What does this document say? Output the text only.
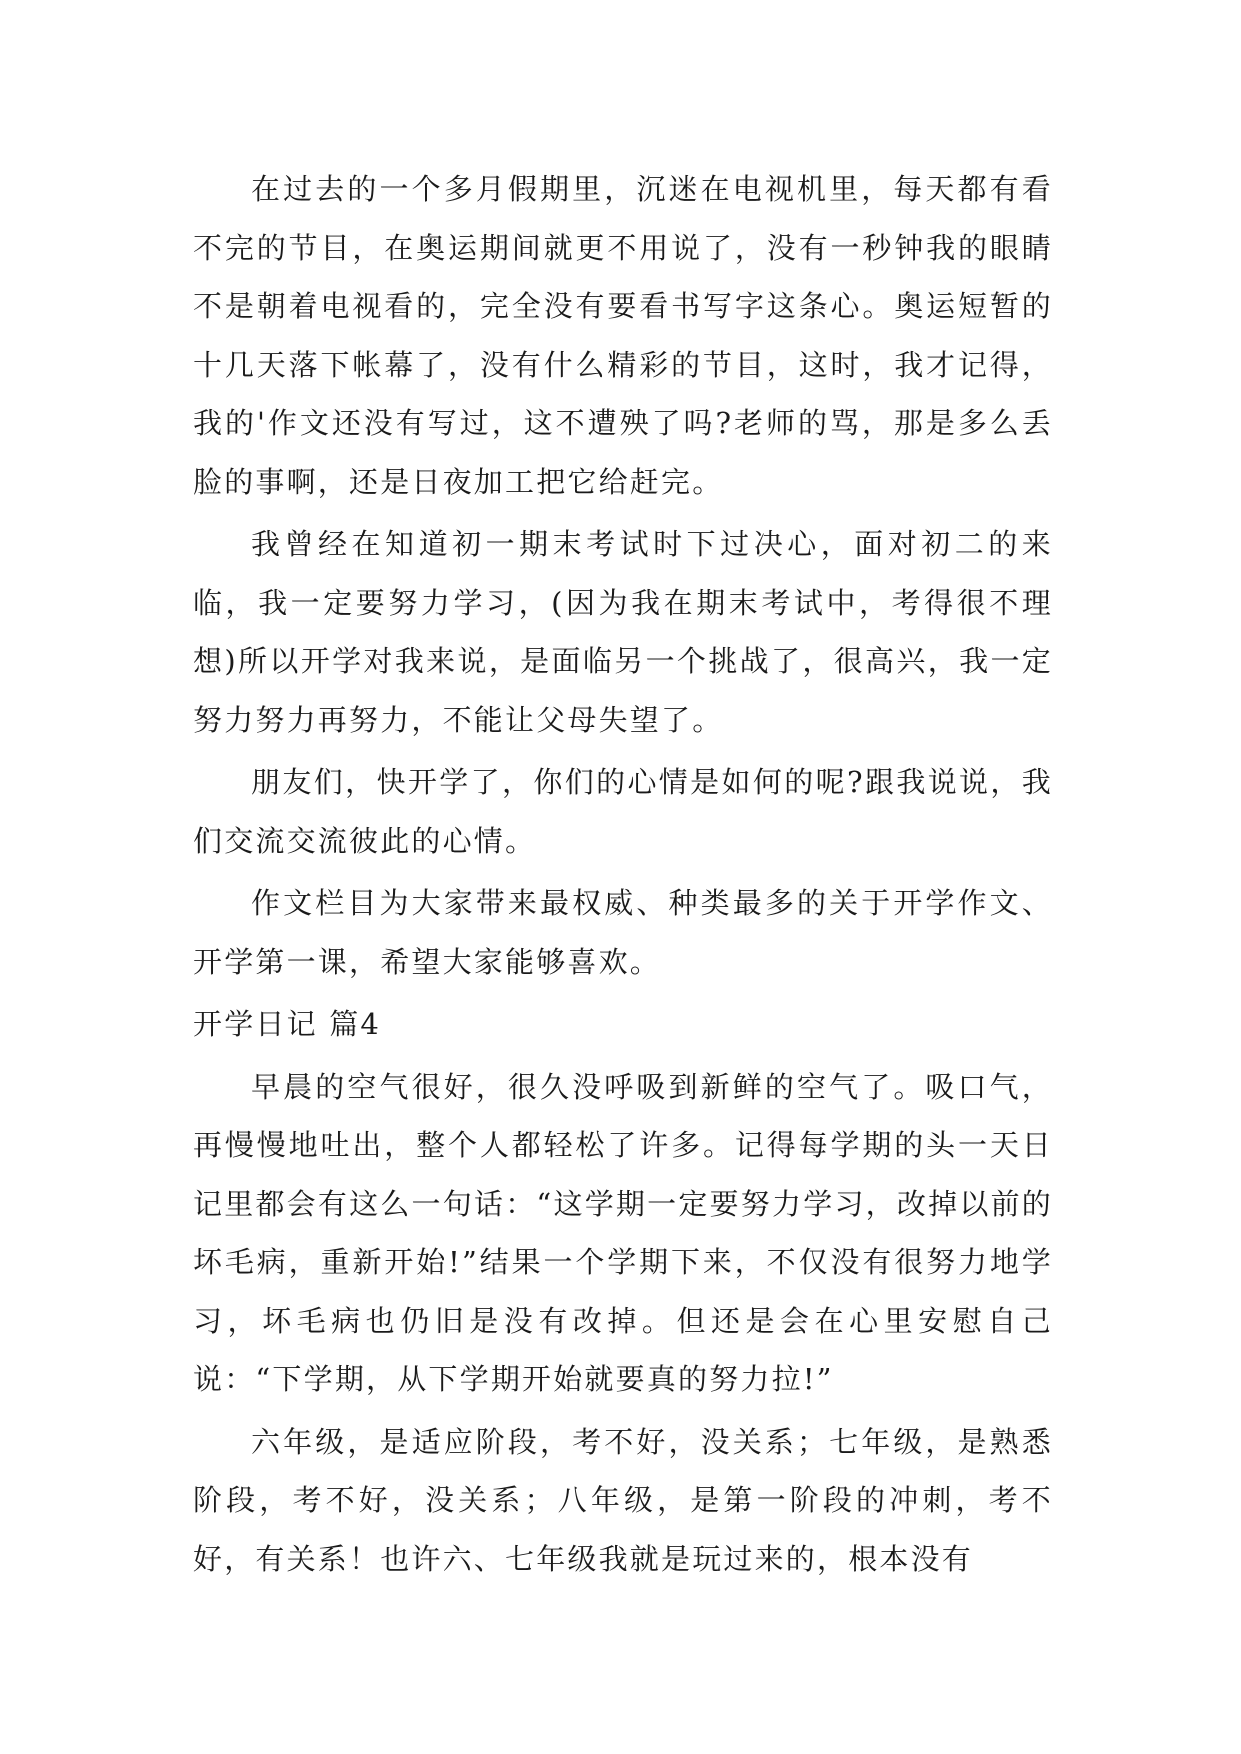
在过去的一个多月假期里，沉迷在电视机里，每天都有看不完的节目，在奥运期间就更不用说了，没有一秒钟我的眼睛不是朝着电视看的，完全没有要看书写字这条心。奥运短暂的十几天落下帐幕了，没有什么精彩的节目，这时，我才记得，我的'作文还没有写过，这不遭殃了吗?老师的骂，那是多么丢脸的事啊，还是日夜加工把它给赶完。

我曾经在知道初一期末考试时下过决心，面对初二的来临，我一定要努力学习，(因为我在期末考试中，考得很不理想)所以开学对我来说，是面临另一个挑战了，很高兴，我一定努力努力再努力，不能让父母失望了。

朋友们，快开学了，你们的心情是如何的呢?跟我说说，我们交流交流彼此的心情。

作文栏目为大家带来最权威、种类最多的关于开学作文、开学第一课，希望大家能够喜欢。

开学日记 篇4

早晨的空气很好，很久没呼吸到新鲜的空气了。吸口气，再慢慢地吐出，整个人都轻松了许多。记得每学期的头一天日记里都会有这么一句话：“这学期一定要努力学习，改掉以前的坏毛病，重新开始!”结果一个学期下来，不仅没有很努力地学习，坏毛病也仍旧是没有改掉。但还是会在心里安慰自己说：“下学期，从下学期开始就要真的努力拉!”

六年级，是适应阶段，考不好，没关系；七年级，是熟悉阶段，考不好，没关系；八年级，是第一阶段的冲刺，考不好，有关系！也许六、七年级我就是玩过来的，根本没有
